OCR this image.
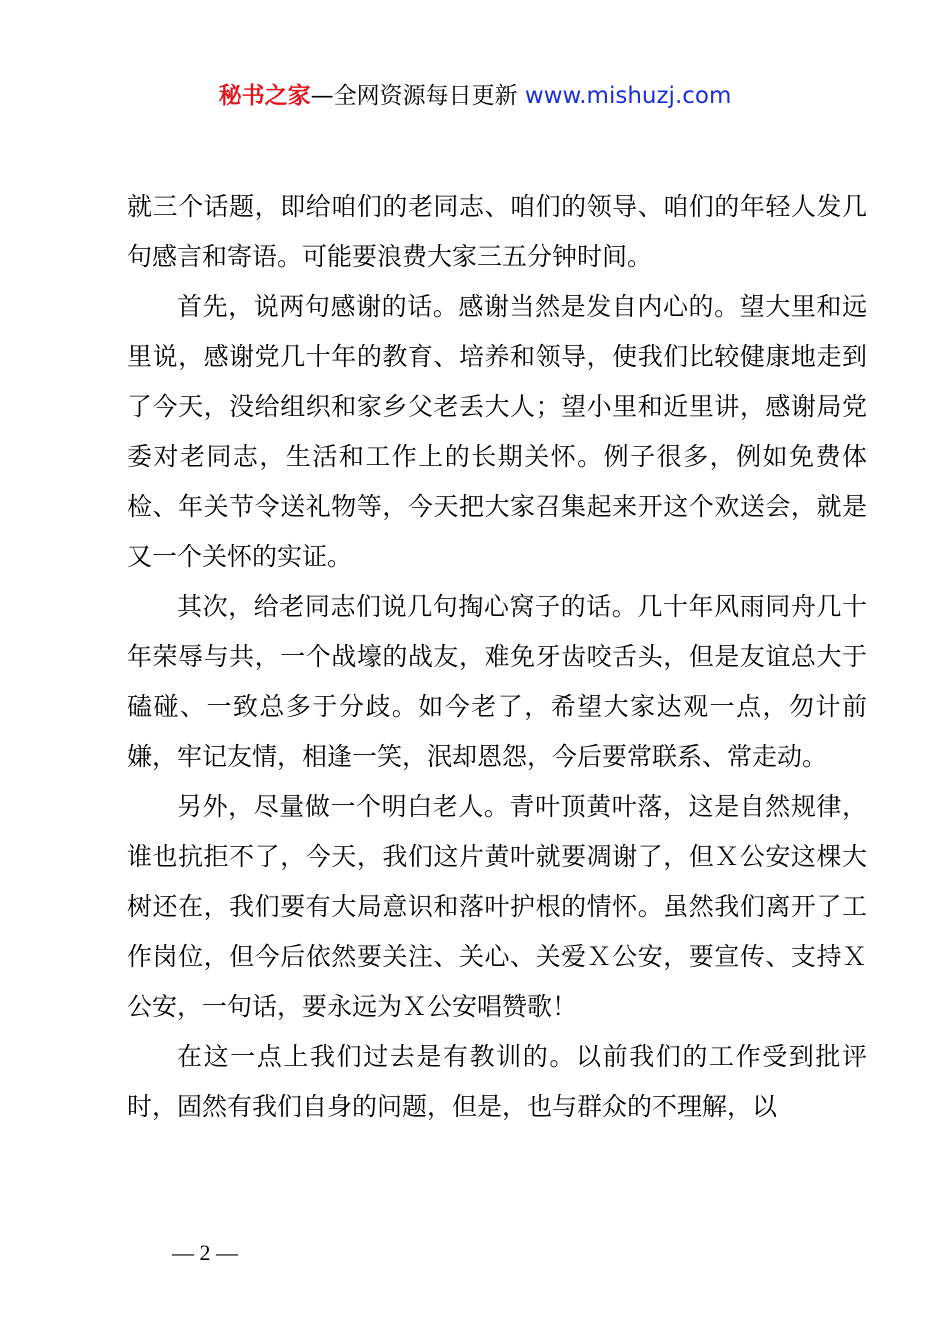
秘书之家—全网资源每日更新 www.mishuzj.com

就三个话题，即给咱们的老同志、咱们的领导、咱们的年轻人发几句感言和寄语。可能要浪费大家三五分钟时间。

首先，说两句感谢的话。感谢当然是发自内心的。望大里和远里说，感谢党几十年的教育、培养和领导，使我们比较健康地走到了今天，没给组织和家乡父老丢大人；望小里和近里讲，感谢局党委对老同志，生活和工作上的长期关怀。例子很多，例如免费体检、年关节令送礼物等，今天把大家召集起来开这个欢送会，就是又一个关怀的实证。

其次，给老同志们说几句掏心窝子的话。几十年风雨同舟几十年荣辱与共，一个战壕的战友，难免牙齿咬舌头，但是友谊总大于磕碰、一致总多于分歧。如今老了，希望大家达观一点，勿计前嫌，牢记友情，相逢一笑，泯却恩怨，今后要常联系、常走动。

另外，尽量做一个明白老人。青叶顶黄叶落，这是自然规律，谁也抗拒不了，今天，我们这片黄叶就要凋谢了，但Ｘ公安这棵大树还在，我们要有大局意识和落叶护根的情怀。虽然我们离开了工作岗位，但今后依然要关注、关心、关爱Ｘ公安，要宣传、支持Ｘ公安，一句话，要永远为Ｘ公安唱赞歌！

在这一点上我们过去是有教训的。以前我们的工作受到批评时，固然有我们自身的问题，但是，也与群众的不理解，以

— 2 —
